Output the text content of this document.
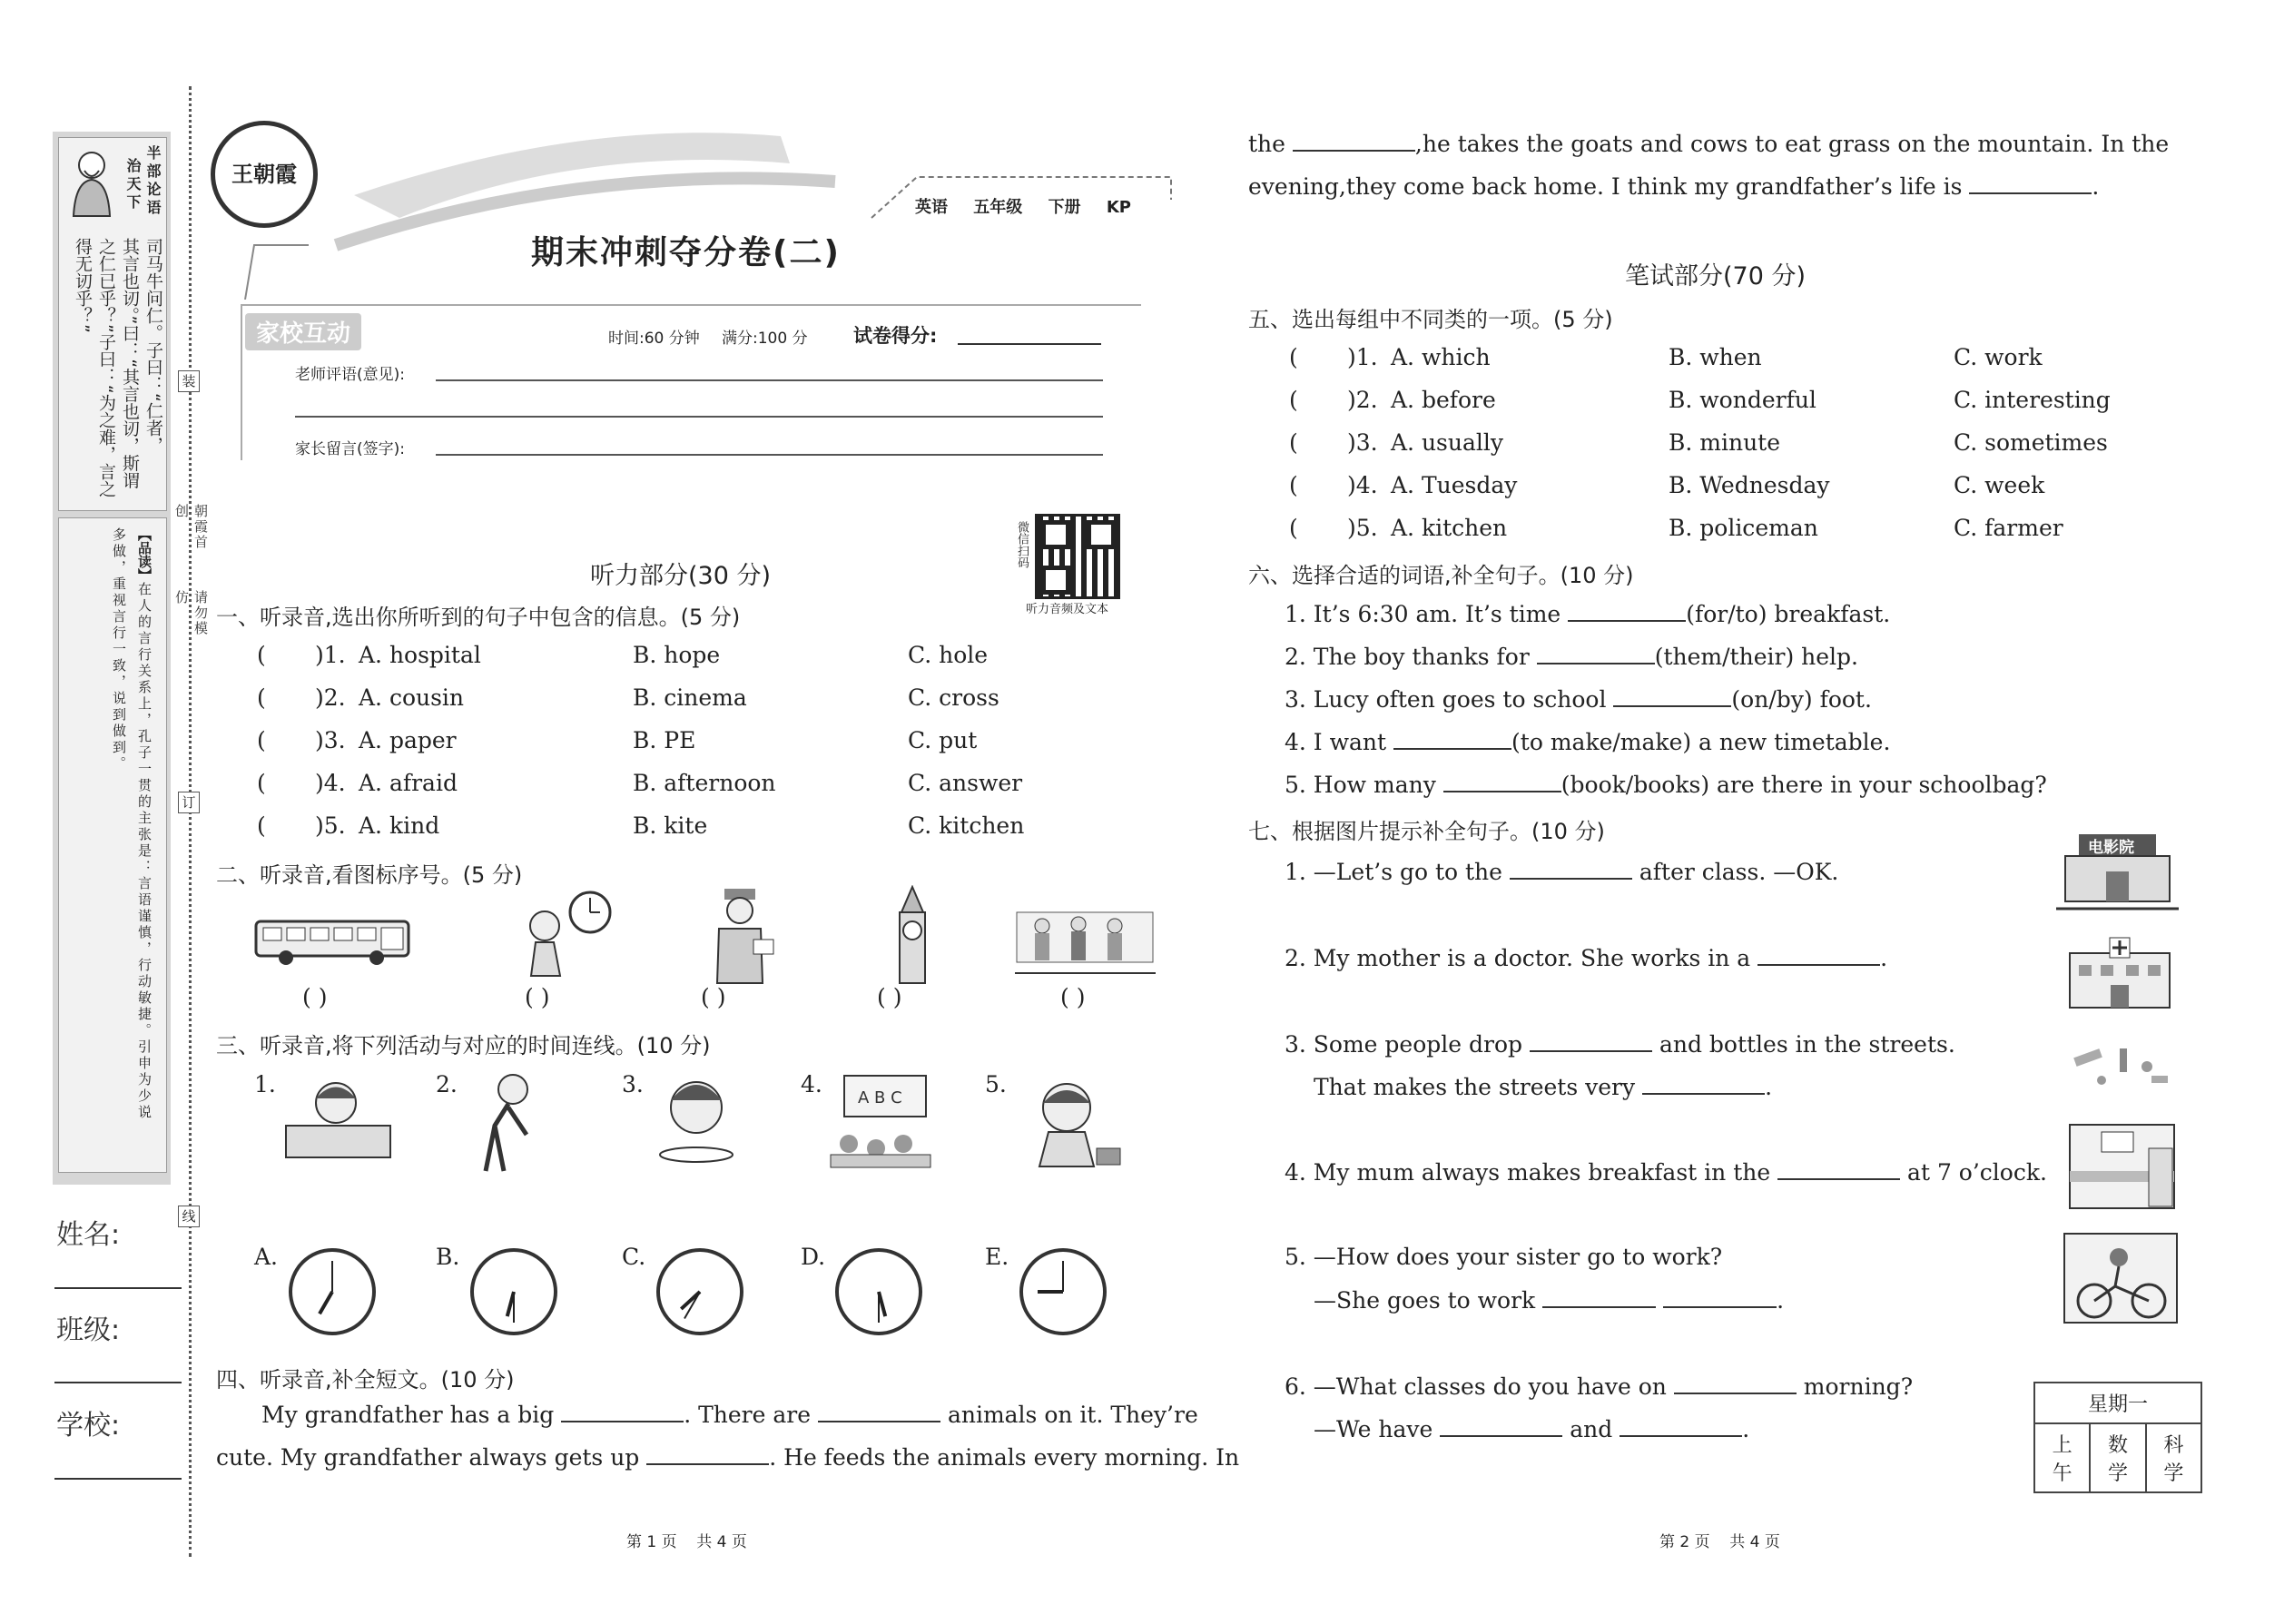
半部论语
治天下
司马牛问仁。子曰：“仁者，
其言也讱。”曰：“其言也讱，斯谓
之仁已乎？”子曰：“为之难，言之
得无讱乎？”
【品读】
在人的言行关系上，孔子一贯的主张是：言语谨慎，行动敏捷。引申为少说
多做，重视言行一致，说到做到。
朝霞首创
请勿模仿
装
订
线
姓名:
班级:
学校:
王朝霞
英语 五年级 下册 KP
期末冲刺夺分卷(二)
家校互动	时间:60 分钟 满分:100 分 试卷得分:
老师评语(意见):
家长留言(签字):
微信扫码
听力音频及文本
听力部分(30 分)
一、听录音,选出你所听到的句子中包含的信息。(5 分)
( )1. A. hospital	B. hope	C. hole
( )2. A. cousin	B. cinema	C. cross
( )3. A. paper	B. PE	C. put
( )4. A. afraid	B. afternoon	C. answer
( )5. A. kind	B. kite	C. kitchen
二、听录音,看图标序号。(5 分)
( )	( )	( )	( )	( )
三、听录音,将下列活动与对应的时间连线。(10 分)
1.	2.	3.	4.	5.
A B C
A.	B.	C.	D.	E.
四、听录音,补全短文。(10 分)
My grandfather has a big	. There are	animals on it. They’re
cute. My grandfather always gets up	. He feeds the animals every morning. In
the	,he takes the goats and cows to eat grass on the mountain. In the
evening,they come back home. I think my grandfather’s life is	.
笔试部分(70 分)
五、选出每组中不同类的一项。(5 分)
( )1. A. which	B. when	C. work
( )2. A. before	B. wonderful	C. interesting
( )3. A. usually	B. minute	C. sometimes
( )4. A. Tuesday	B. Wednesday	C. week
( )5. A. kitchen	B. policeman	C. farmer
六、选择合适的词语,补全句子。(10 分)
1. It’s 6:30 am. It’s time	(for/to) breakfast.
2. The boy thanks for	(them/their) help.
3. Lucy often goes to school	(on/by) foot.
4. I want	(to make/make) a new timetable.
5. How many	(book/books) are there in your schoolbag?
七、根据图片提示补全句子。(10 分)
1. —Let’s go to the	after class. —OK.
电影院
2. My mother is a doctor. She works in a	.
3. Some people drop	and bottles in the streets.
That makes the streets very	.
4. My mum always makes breakfast in the	at 7 o’clock.
5. —How does your sister go to work?
—She goes to work	.
6. —What classes do you have on	morning?
—We have	and	.
星期一
上午	数学	科学
第 1 页    共 4 页	第 2 页    共 4 页
